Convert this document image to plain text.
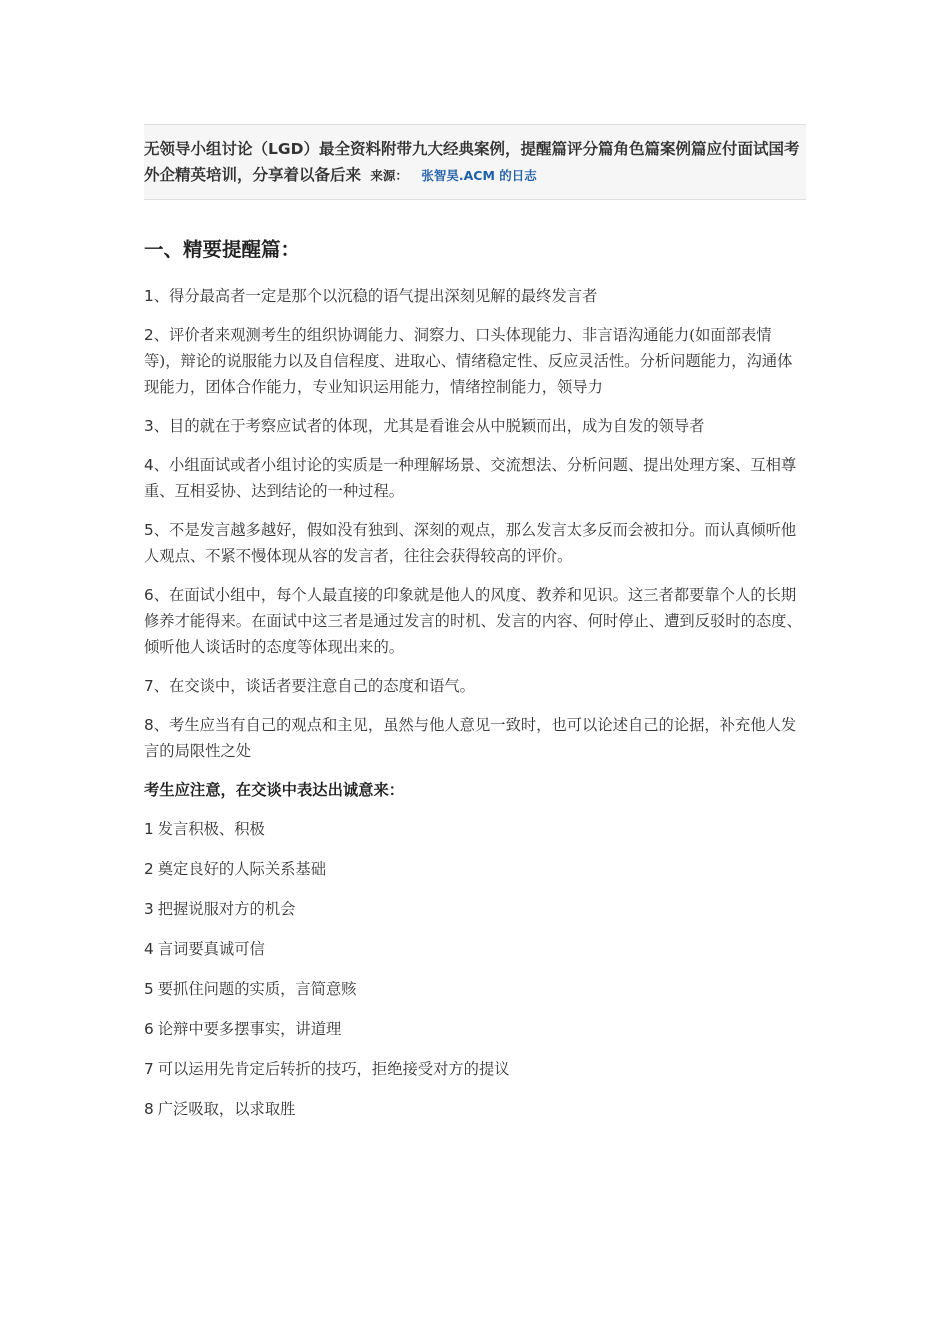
无领导小组讨论（LGD）最全资料附带九大经典案例，提醒篇评分篇角色篇案例篇应付面试国考外企精英培训，分享着以备后来 来源： 张智昊.ACM 的日志
一、精要提醒篇：

1、得分最高者一定是那个以沉稳的语气提出深刻见解的最终发言者

2、评价者来观测考生的组织协调能力、洞察力、口头体现能力、非言语沟通能力(如面部表情等)，辩论的说服能力以及自信程度、进取心、情绪稳定性、反应灵活性。分析问题能力，沟通体现能力，团体合作能力，专业知识运用能力，情绪控制能力，领导力

3、目的就在于考察应试者的体现，尤其是看谁会从中脱颖而出，成为自发的领导者

4、小组面试或者小组讨论的实质是一种理解场景、交流想法、分析问题、提出处理方案、互相尊重、互相妥协、达到结论的一种过程。

5、不是发言越多越好，假如没有独到、深刻的观点，那么发言太多反而会被扣分。而认真倾听他人观点、不紧不慢体现从容的发言者，往往会获得较高的评价。

6、在面试小组中，每个人最直接的印象就是他人的风度、教养和见识。这三者都要靠个人的长期修养才能得来。在面试中这三者是通过发言的时机、发言的内容、何时停止、遭到反驳时的态度、倾听他人谈话时的态度等体现出来的。

7、在交谈中，谈话者要注意自己的态度和语气。

8、考生应当有自己的观点和主见，虽然与他人意见一致时，也可以论述自己的论据，补充他人发言的局限性之处

考生应注意，在交谈中表达出诚意来：

1 发言积极、积极

2 奠定良好的人际关系基础

3 把握说服对方的机会

4 言词要真诚可信

5 要抓住问题的实质，言简意赅

6 论辩中要多摆事实，讲道理

7 可以运用先肯定后转折的技巧，拒绝接受对方的提议

8 广泛吸取，以求取胜
